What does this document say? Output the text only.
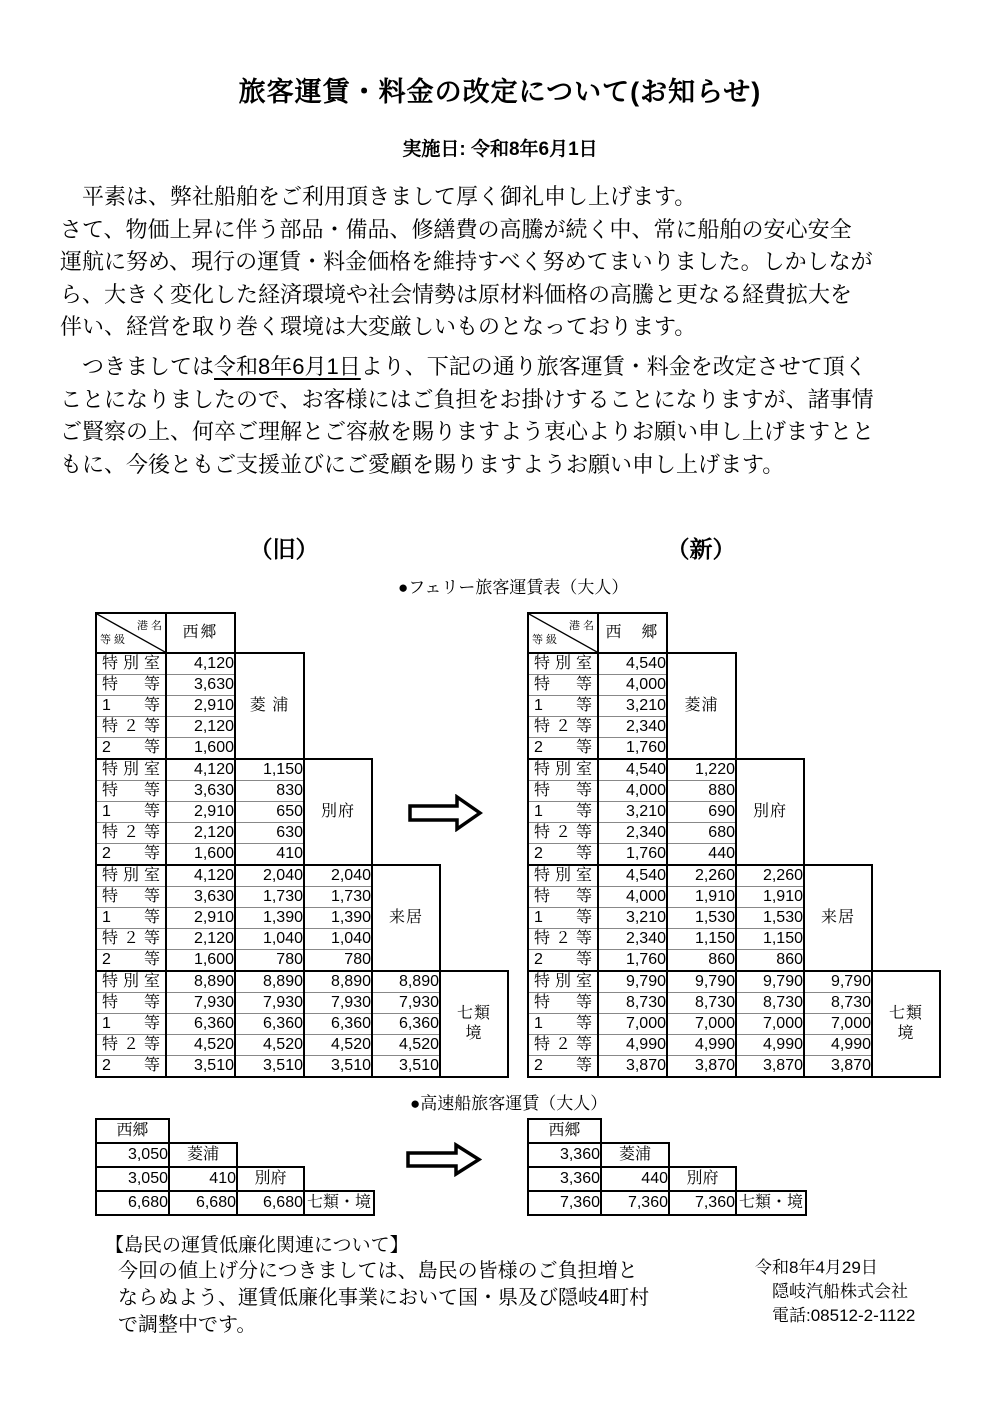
旅客運賃・料金の改定について(お知らせ)
実施日: 令和8年6月1日
　平素は、弊社船舶をご利用頂きまして厚く御礼申し上げます。
さて、物価上昇に伴う部品・備品、修繕費の高騰が続く中、常に船舶の安心安全
運航に努め、現行の運賃・料金価格を維持すべく努めてまいりました。しかしなが
ら、大きく変化した経済環境や社会情勢は原材料価格の高騰と更なる経費拡大を
伴い、経営を取り巻く環境は大変厳しいものとなっております。
　つきましては令和8年6月1日より、下記の通り旅客運賃・料金を改定させて頂く
ことになりましたので、お客様にはご負担をお掛けすることになりますが、諸事情
ご賢察の上、何卒ご理解とご容赦を賜りますよう衷心よりお願い申し上げますとと
もに、今後ともご支援並びにご愛顧を賜りますようお願い申し上げます。
（旧）	（新）
●フェリー旅客運賃表（大人）
港 名
等 級	西郷				

特 別 室	4,120	菱 浦			

特 等	3,630				

1 等	2,910				

特 ２ 等	2,120				

2 等	1,600				

特 別 室	4,120	1,150	別府		

特 等	3,630	830			

1 等	2,910	650			

特 ２ 等	2,120	630			

2 等	1,600	410			

特 別 室	4,120	2,040	2,040	来居	

特 等	3,630	1,730	1,730		

1 等	2,910	1,390	1,390		

特 ２ 等	2,120	1,040	1,040		

2 等	1,600	780	780		

特 別 室	8,890	8,890	8,890	8,890	七類
境

特 等	7,930	7,930	7,930	7,930	

1 等	6,360	6,360	6,360	6,360	

特 ２ 等	4,520	4,520	4,520	4,520	

2 等	3,510	3,510	3,510	3,510	
港 名
等 級	西　郷				

特 別 室	4,540	菱浦			

特 等	4,000				

1 等	3,210				

特 ２ 等	2,340				

2 等	1,760				

特 別 室	4,540	1,220	別府		

特 等	4,000	880			

1 等	3,210	690			

特 ２ 等	2,340	680			

2 等	1,760	440			

特 別 室	4,540	2,260	2,260	来居	

特 等	4,000	1,910	1,910		

1 等	3,210	1,530	1,530		

特 ２ 等	2,340	1,150	1,150		

2 等	1,760	860	860		

特 別 室	9,790	9,790	9,790	9,790	七類
境

特 等	8,730	8,730	8,730	8,730	

1 等	7,000	7,000	7,000	7,000	

特 ２ 等	4,990	4,990	4,990	4,990	

2 等	3,870	3,870	3,870	3,870	
●高速船旅客運賃（大人）
西郷			
3,050	菱浦		
3,050	410	別府	
6,680	6,680	6,680	七類・境
西郷			
3,360	菱浦		
3,360	440	別府	
7,360	7,360	7,360	七類・境
【島民の運賃低廉化関連について】
今回の値上げ分につきましては、島民の皆様のご負担増と
ならぬよう、運賃低廉化事業において国・県及び隠岐4町村
で調整中です。
令和8年4月29日
隠岐汽船株式会社
電話:08512-2-1122
